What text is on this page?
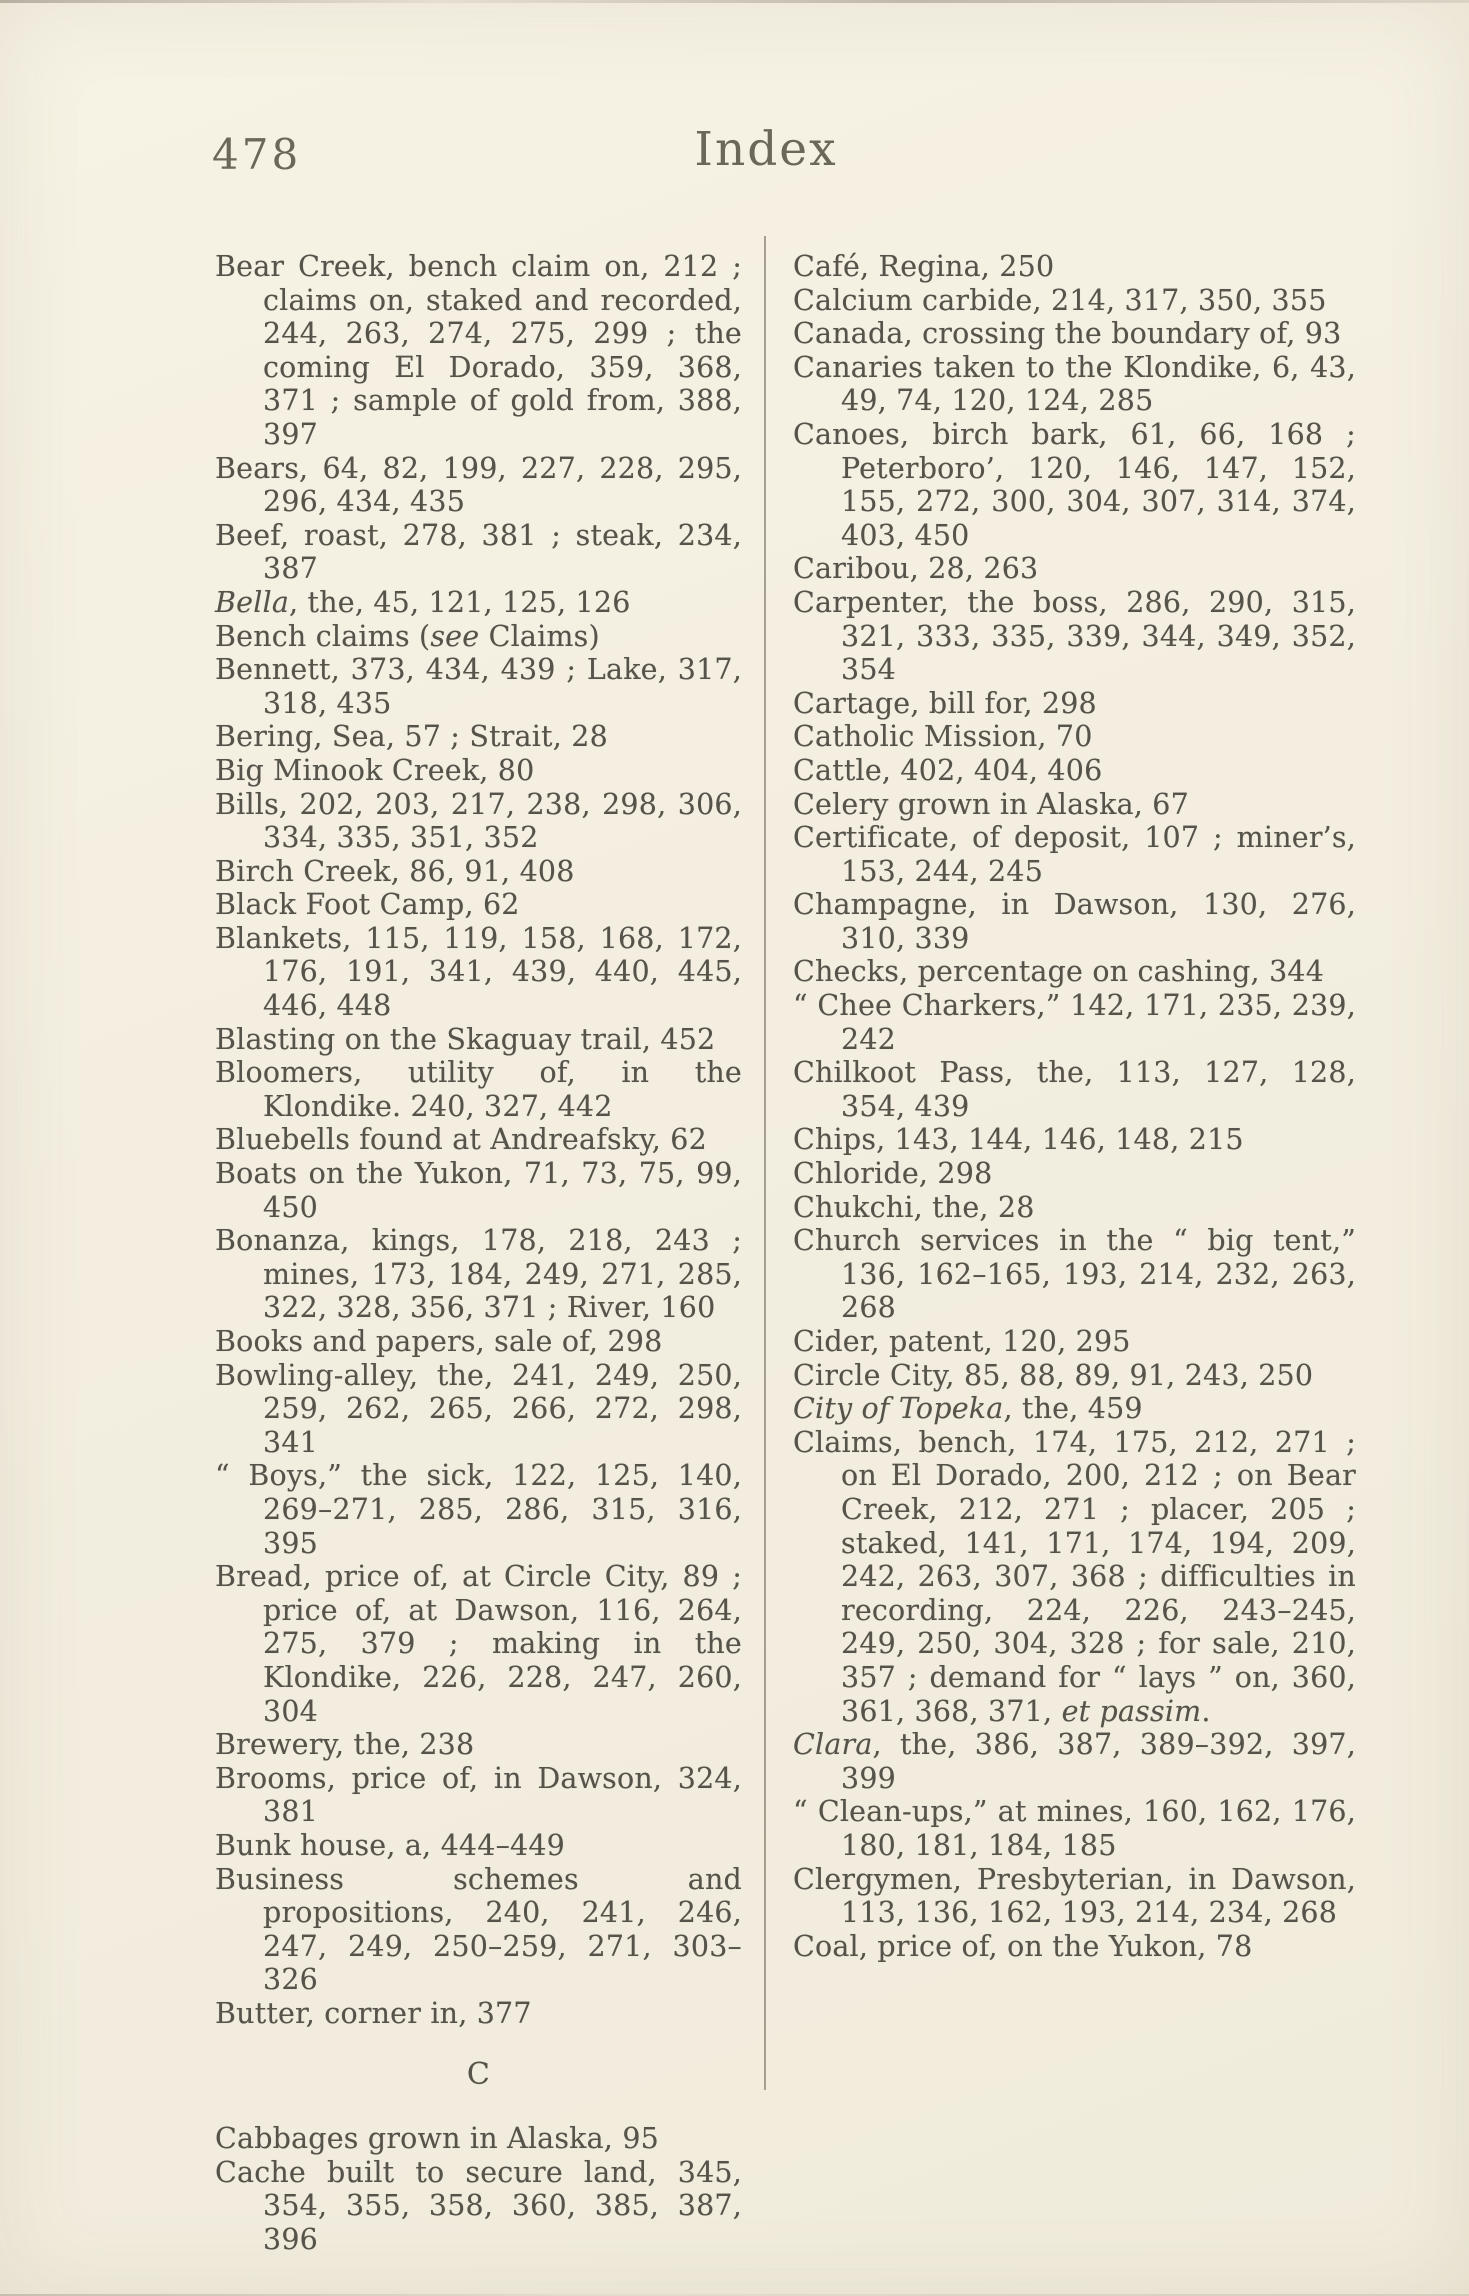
478	Index

Bear Creek, bench claim on, 212 ; claims on, staked and recorded, 244, 263, 274, 275, 299 ; the coming El Dorado, 359, 368, 371 ; sample of gold from, 388, 397

Bears, 64, 82, 199, 227, 228, 295, 296, 434, 435

Beef, roast, 278, 381 ; steak, 234, 387

Bella, the, 45, 121, 125, 126

Bench claims (see Claims)

Bennett, 373, 434, 439 ; Lake, 317, 318, 435

Bering, Sea, 57 ; Strait, 28

Big Minook Creek, 80

Bills, 202, 203, 217, 238, 298, 306, 334, 335, 351, 352

Birch Creek, 86, 91, 408

Black Foot Camp, 62

Blankets, 115, 119, 158, 168, 172, 176, 191, 341, 439, 440, 445, 446, 448

Blasting on the Skaguay trail, 452

Bloomers, utility of, in the Klondike. 240, 327, 442

Bluebells found at Andreafsky, 62

Boats on the Yukon, 71, 73, 75, 99, 450

Bonanza, kings, 178, 218, 243 ; mines, 173, 184, 249, 271, 285, 322, 328, 356, 371 ; River, 160

Books and papers, sale of, 298

Bowling-alley, the, 241, 249, 250, 259, 262, 265, 266, 272, 298, 341

“ Boys,” the sick, 122, 125, 140, 269–271, 285, 286, 315, 316, 395

Bread, price of, at Circle City, 89 ; price of, at Dawson, 116, 264, 275, 379 ; making in the Klondike, 226, 228, 247, 260, 304

Brewery, the, 238

Brooms, price of, in Dawson, 324, 381

Bunk house, a, 444–449

Business schemes and propositions, 240, 241, 246, 247, 249, 250–259, 271, 303–326

Butter, corner in, 377

C

Cabbages grown in Alaska, 95

Cache built to secure land, 345, 354, 355, 358, 360, 385, 387, 396

Café, Regina, 250

Calcium carbide, 214, 317, 350, 355

Canada, crossing the boundary of, 93

Canaries taken to the Klondike, 6, 43, 49, 74, 120, 124, 285

Canoes, birch bark, 61, 66, 168 ; Peterboro’, 120, 146, 147, 152, 155, 272, 300, 304, 307, 314, 374, 403, 450

Caribou, 28, 263

Carpenter, the boss, 286, 290, 315, 321, 333, 335, 339, 344, 349, 352, 354

Cartage, bill for, 298

Catholic Mission, 70

Cattle, 402, 404, 406

Celery grown in Alaska, 67

Certificate, of deposit, 107 ; miner’s, 153, 244, 245

Champagne, in Dawson, 130, 276, 310, 339

Checks, percentage on cashing, 344

“ Chee Charkers,” 142, 171, 235, 239, 242

Chilkoot Pass, the, 113, 127, 128, 354, 439

Chips, 143, 144, 146, 148, 215

Chloride, 298

Chukchi, the, 28

Church services in the “ big tent,” 136, 162–165, 193, 214, 232, 263, 268

Cider, patent, 120, 295

Circle City, 85, 88, 89, 91, 243, 250

City of Topeka, the, 459

Claims, bench, 174, 175, 212, 271 ; on El Dorado, 200, 212 ; on Bear Creek, 212, 271 ; placer, 205 ; staked, 141, 171, 174, 194, 209, 242, 263, 307, 368 ; difficulties in recording, 224, 226, 243–245, 249, 250, 304, 328 ; for sale, 210, 357 ; demand for “ lays ” on, 360, 361, 368, 371, et passim.

Clara, the, 386, 387, 389–392, 397, 399

“ Clean-ups,” at mines, 160, 162, 176, 180, 181, 184, 185

Clergymen, Presbyterian, in Dawson, 113, 136, 162, 193, 214, 234, 268

Coal, price of, on the Yukon, 78
